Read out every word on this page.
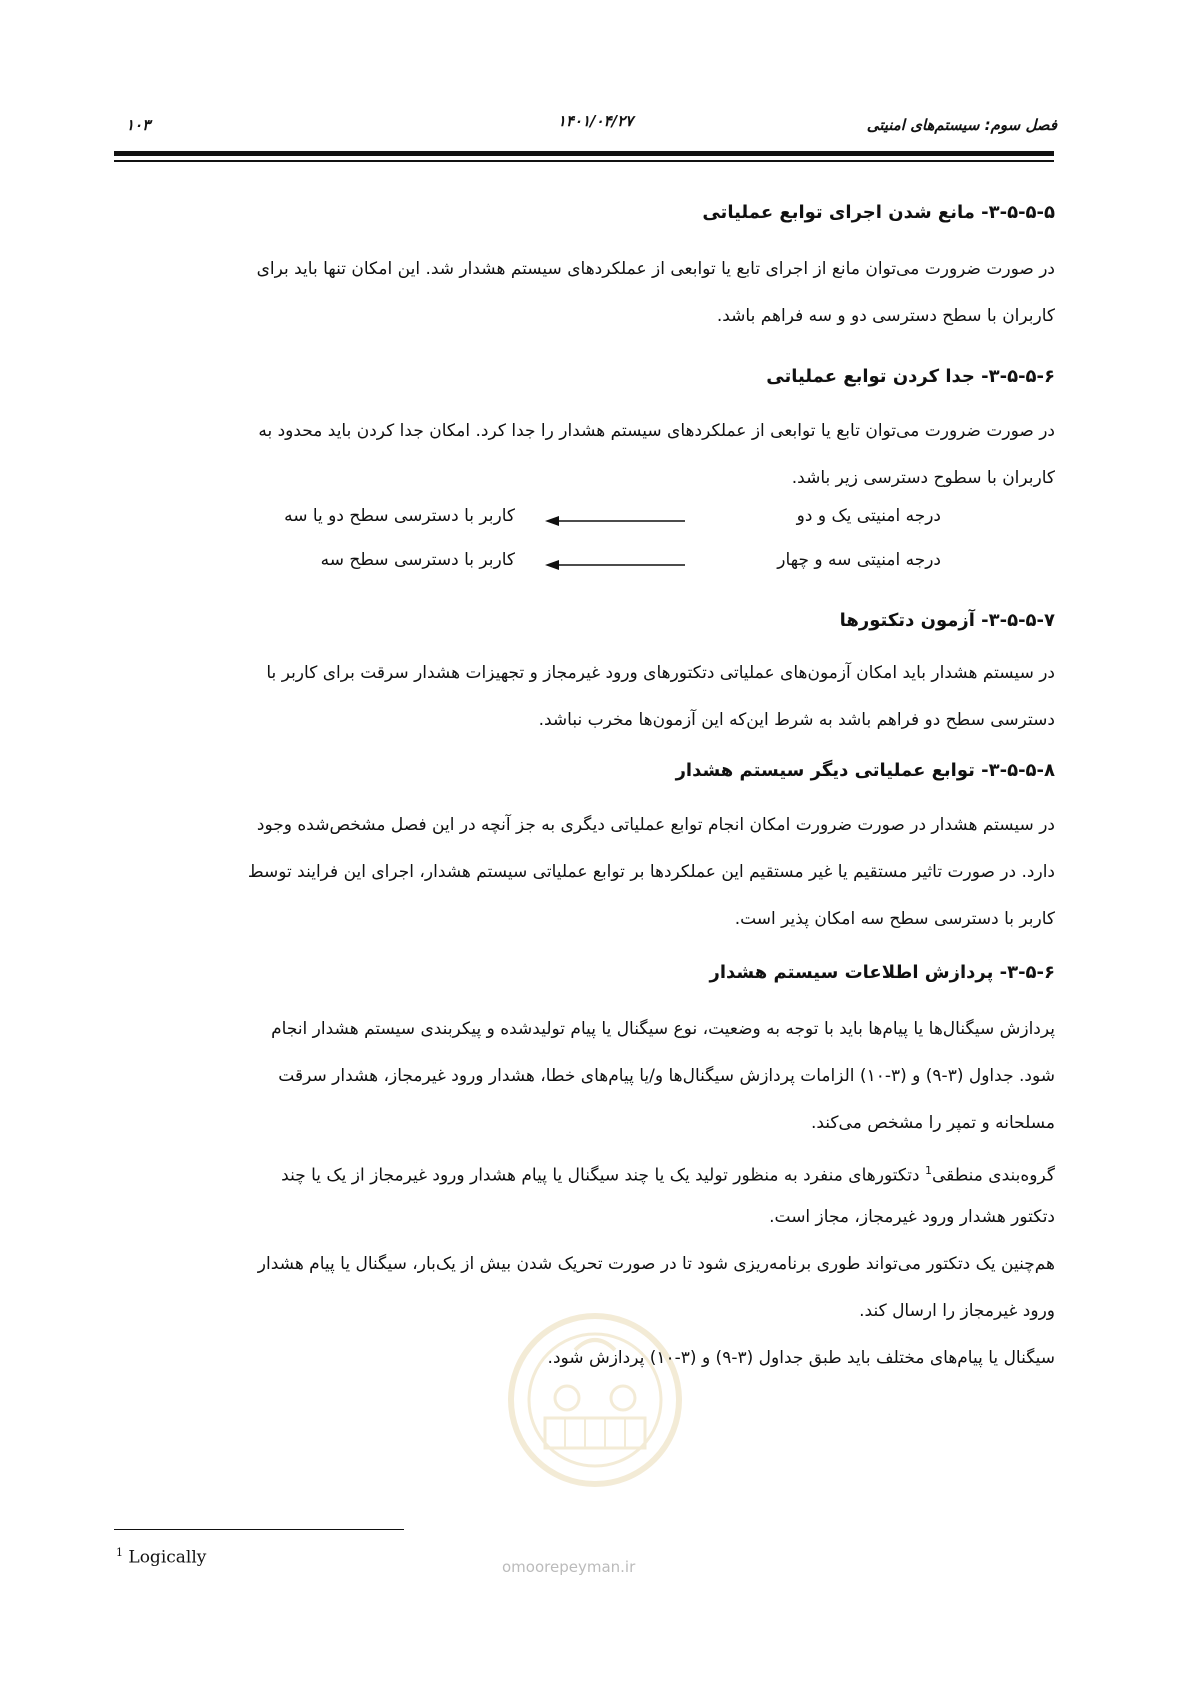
فصل سوم: سیستم‌های امنیتی
۱۴۰۱/۰۴/۲۷
۱۰۳
omoorepeyman.ir
۳-۵-۵-۵- مانع شدن اجرای توابع عملیاتی
در صورت ضرورت می‌توان مانع از اجرای تابع یا توابعی از عملکردهای سیستم هشدار شد. این امکان تنها باید برای
کاربران با سطح دسترسی دو و سه فراهم باشد.
۳-۵-۵-۶- جدا کردن توابع عملیاتی
در صورت ضرورت می‌توان تابع یا توابعی از عملکردهای سیستم هشدار را جدا کرد. امکان جدا کردن باید محدود به
کاربران با سطوح دسترسی زیر باشد.
درجه امنیتی یک و دو
کاربر با دسترسی سطح دو یا سه
درجه امنیتی سه و چهار
کاربر با دسترسی سطح سه
۳-۵-۵-۷- آزمون دتکتورها
در سیستم هشدار باید امکان آزمون‌های عملیاتی دتکتورهای ورود غیرمجاز و تجهیزات هشدار سرقت برای کاربر با
دسترسی سطح دو فراهم باشد به شرط این‌که این آزمون‌ها مخرب نباشد.
۳-۵-۵-۸- توابع عملیاتی دیگر سیستم هشدار
در سیستم هشدار در صورت ضرورت امکان انجام توابع عملیاتی دیگری به جز آنچه در این فصل مشخص‌شده وجود
دارد. در صورت تاثیر مستقیم یا غیر مستقیم این عملکردها بر توابع عملیاتی سیستم هشدار، اجرای این فرایند توسط
کاربر با دسترسی سطح سه امکان پذیر است.
۳-۵-۶- پردازش اطلاعات سیستم هشدار
پردازش سیگنال‌ها یا پیام‌ها باید با توجه به وضعیت، نوع سیگنال یا پیام تولیدشده و پیکربندی سیستم هشدار انجام
شود. جداول (۳-۹) و (۳-۱۰) الزامات پردازش سیگنال‌ها و/یا پیام‌های خطا، هشدار ورود غیرمجاز، هشدار سرقت
مسلحانه و تمپر را مشخص می‌کند.
گروه‌بندی منطقی$^1$ دتکتورهای منفرد به منظور تولید یک یا چند سیگنال یا پیام هشدار ورود غیرمجاز از یک یا چند
دتکتور هشدار ورود غیرمجاز، مجاز است.
هم‌چنین یک دتکتور می‌تواند طوری برنامه‌ریزی شود تا در صورت تحریک شدن بیش از یک‌بار، سیگنال یا پیام هشدار
ورود غیرمجاز را ارسال کند.
سیگنال یا پیام‌های مختلف باید طبق جداول (۳-۹) و (۳-۱۰) پردازش شود.
$^1$ Logically
